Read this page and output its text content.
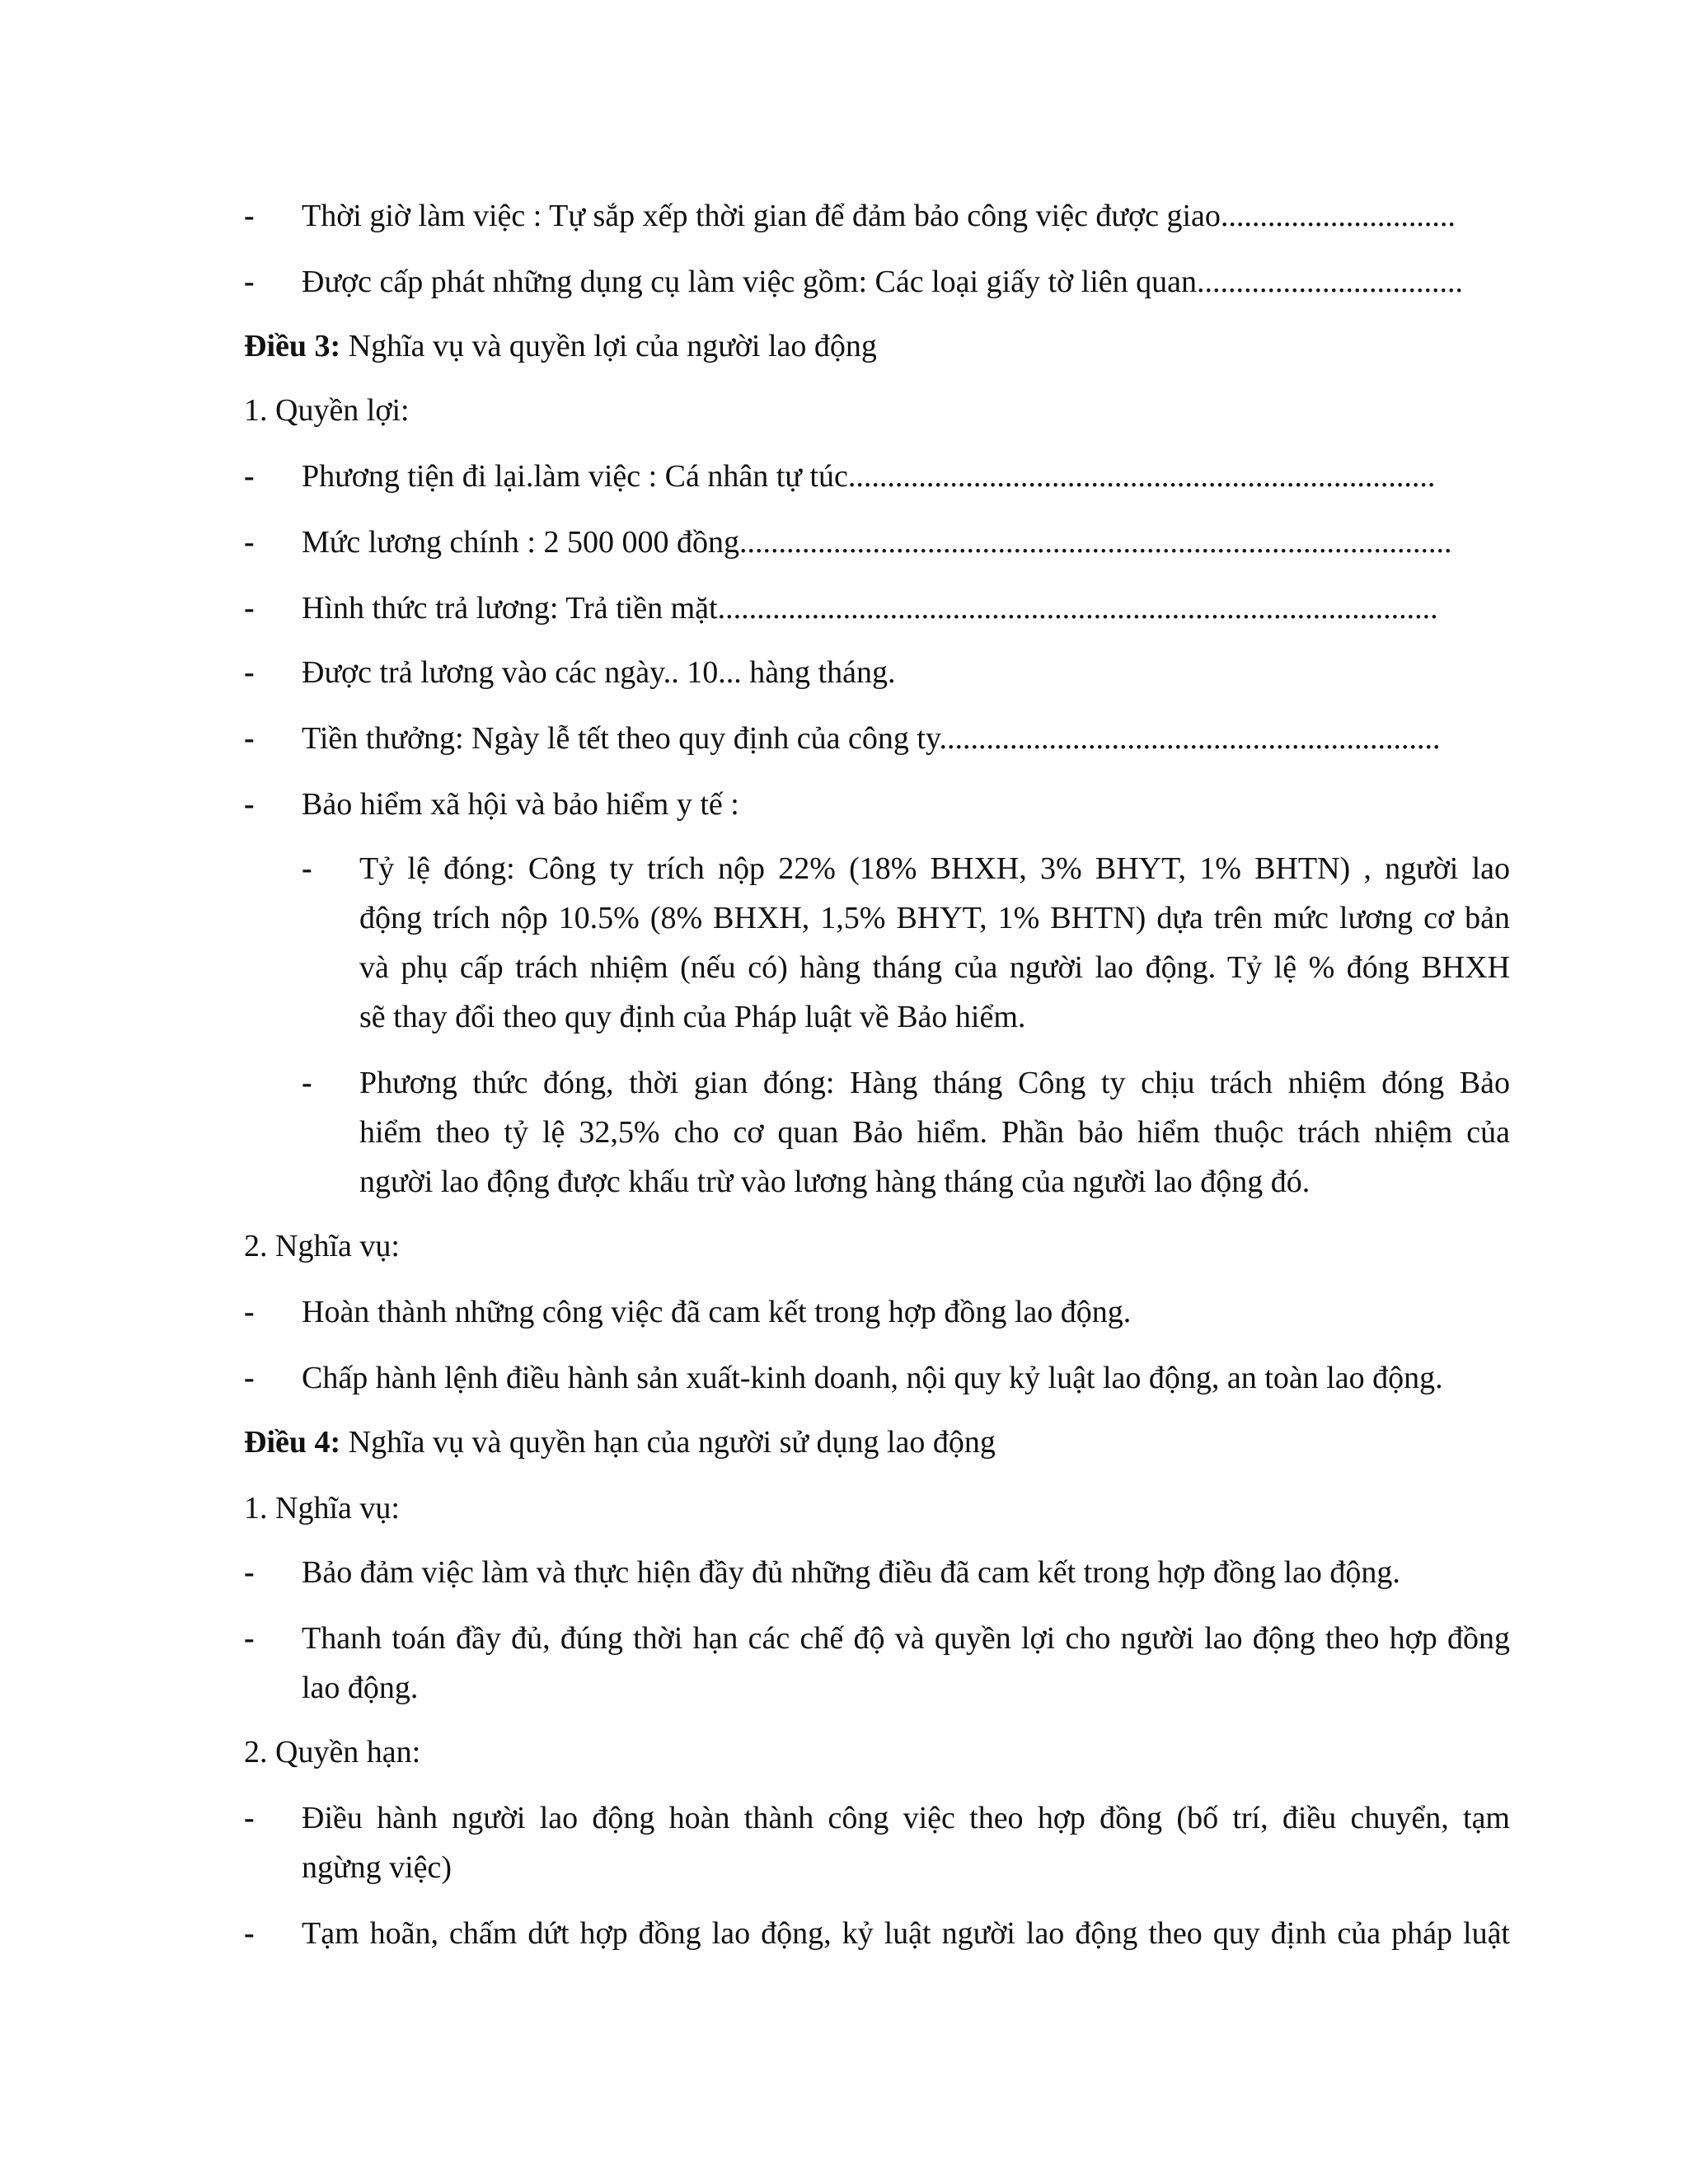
- Thời giờ làm việc : Tự sắp xếp thời gian để đảm bảo công việc được giao..............................
- Được cấp phát những dụng cụ làm việc gồm: Các loại giấy tờ liên quan..................................
Điều 3: Nghĩa vụ và quyền lợi của người lao động
1. Quyền lợi:
- Phương tiện đi lại.làm việc : Cá nhân tự túc...........................................................................
- Mức lương chính : 2 500 000 đồng...........................................................................................
- Hình thức trả lương: Trả tiền mặt............................................................................................
- Được trả lương vào các ngày.. 10... hàng tháng.
- Tiền thưởng: Ngày lễ tết theo quy định của công ty................................................................
- Bảo hiểm xã hội và bảo hiểm y tế :
- Tỷ lệ đóng: Công ty trích nộp 22% (18% BHXH, 3% BHYT, 1% BHTN) , người lao
động trích nộp 10.5% (8% BHXH, 1,5% BHYT, 1% BHTN) dựa trên mức lương cơ bản
và phụ cấp trách nhiệm (nếu có) hàng tháng của người lao động. Tỷ lệ % đóng BHXH
sẽ thay đổi theo quy định của Pháp luật về Bảo hiểm.
- Phương thức đóng, thời gian đóng: Hàng tháng Công ty chịu trách nhiệm đóng Bảo
hiểm theo tỷ lệ 32,5% cho cơ quan Bảo hiểm. Phần bảo hiểm thuộc trách nhiệm của
người lao động được khấu trừ vào lương hàng tháng của người lao động đó.
2. Nghĩa vụ:
- Hoàn thành những công việc đã cam kết trong hợp đồng lao động.
- Chấp hành lệnh điều hành sản xuất-kinh doanh, nội quy kỷ luật lao động, an toàn lao động.
Điều 4: Nghĩa vụ và quyền hạn của người sử dụng lao động
1. Nghĩa vụ:
- Bảo đảm việc làm và thực hiện đầy đủ những điều đã cam kết trong hợp đồng lao động.
- Thanh toán đầy đủ, đúng thời hạn các chế độ và quyền lợi cho người lao động theo hợp đồng
lao động.
2. Quyền hạn:
- Điều hành người lao động hoàn thành công việc theo hợp đồng (bố trí, điều chuyển, tạm
ngừng việc)
- Tạm hoãn, chấm dứt hợp đồng lao động, kỷ luật người lao động theo quy định của pháp luật
